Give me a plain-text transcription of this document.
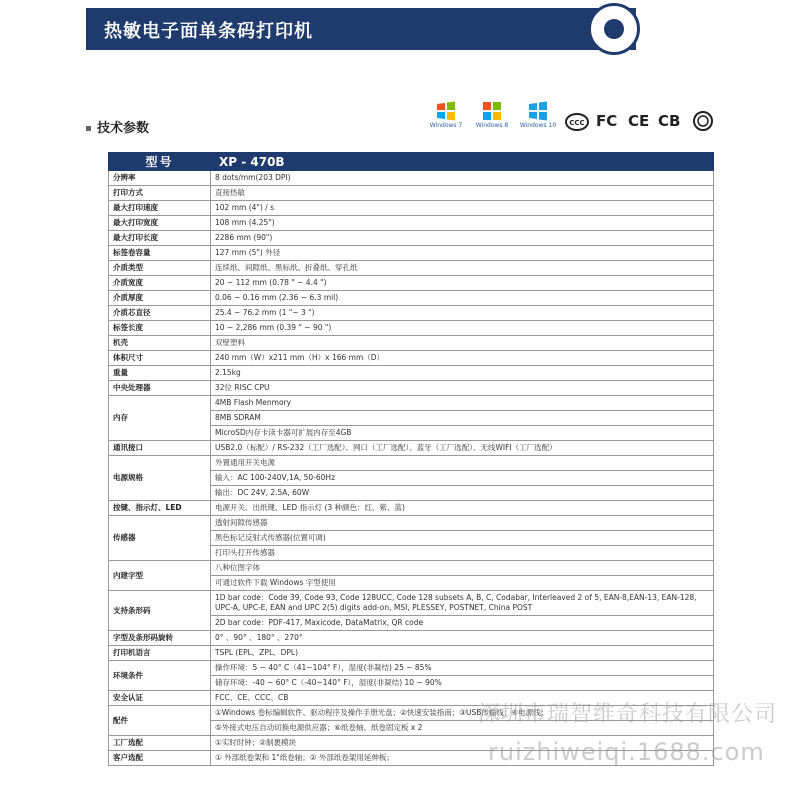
热敏电子面单条码打印机
技术参数	Windows 7	Windows 8	Windows 10	CCC FC CE CB
型号	XP - 470B
分辨率	8 dots/mm(203 DPI)
打印方式	直接热敏
最大打印速度	102 mm (4") / s
最大打印宽度	108 mm (4.25")
最大打印长度	2286 mm (90")
标签卷容量	127 mm (5") 外径
介质类型	连续纸、间隙纸、黑标纸、折叠纸、穿孔纸
介质宽度	20 ~ 112 mm (0.78 " ~ 4.4 ")
介质厚度	0.06 ~ 0.16 mm (2.36 ~ 6.3 mil)
介质芯直径	25.4 ~ 76.2 mm (1 "~ 3 ")
标签长度	10 ~ 2,286 mm (0.39 " ~ 90 ")
机壳	双壁塑料
体积尺寸	240 mm（W）x211 mm（H）x 166 mm（D）
重量	2.15kg
中央处理器	32位 RISC CPU
内存	4MB Flash Menmory
	8MB SDRAM
	MicroSD内存卡读卡器可扩展内存至4GB
通讯接口	USB2.0（标配）/ RS-232（工厂选配）、网口（工厂选配）、蓝牙（工厂选配）、无线WIFI（工厂选配）
电源规格	外置通用开关电源
	输入：AC 100-240V,1A, 50-60Hz
	输出：DC 24V, 2.5A, 60W
按键、指示灯、LED	电源开关、出纸键、LED 指示灯 (3 种颜色：红、紫、蓝)
传感器	透射间隙传感器
	黑色标记反射式传感器(位置可调)
	打印头打开传感器
内建字型	八种位图字体
	可通过软件下载 Windows 字型使用
支持条形码	1D bar code：Code 39, Code 93, Code 128UCC, Code 128 subsets A, B, C, Codabar, Interleaved 2 of 5, EAN-8,EAN-13, EAN-128, UPC-A, UPC-E, EAN and UPC 2(5) digits add-on, MSI, PLESSEY, POSTNET, China POST
	2D bar code：PDF-417, Maxicode, DataMatrix, QR code
字型及条形码旋转	0° 、90° 、180° 、270°
打印机语言	TSPL (EPL、ZPL、DPL)
环境条件	操作环境：5 ~ 40° C（41~104° F），湿度(非凝结) 25 ~ 85%
	储存环境：-40 ~ 60° C（-40~140° F），湿度(非凝结) 10 ~ 90%
安全认证	FCC、CE、CCC、CB
配件	①Windows 卷标编辑软件、驱动程序及操作手册光盘；②快速安装指南；③USB传输线；④电源线；
	⑤外接式电压自动切换电源供应器；⑥纸卷轴、纸卷固定板 x 2
工厂选配	①实时时钟；②制裹模块
客户选配	① 外部纸卷架和 1"纸卷轴；② 外部纸卷架用延伸板；
深圳市瑞智维奇科技有限公司
ruizhiweiqi.1688.com
